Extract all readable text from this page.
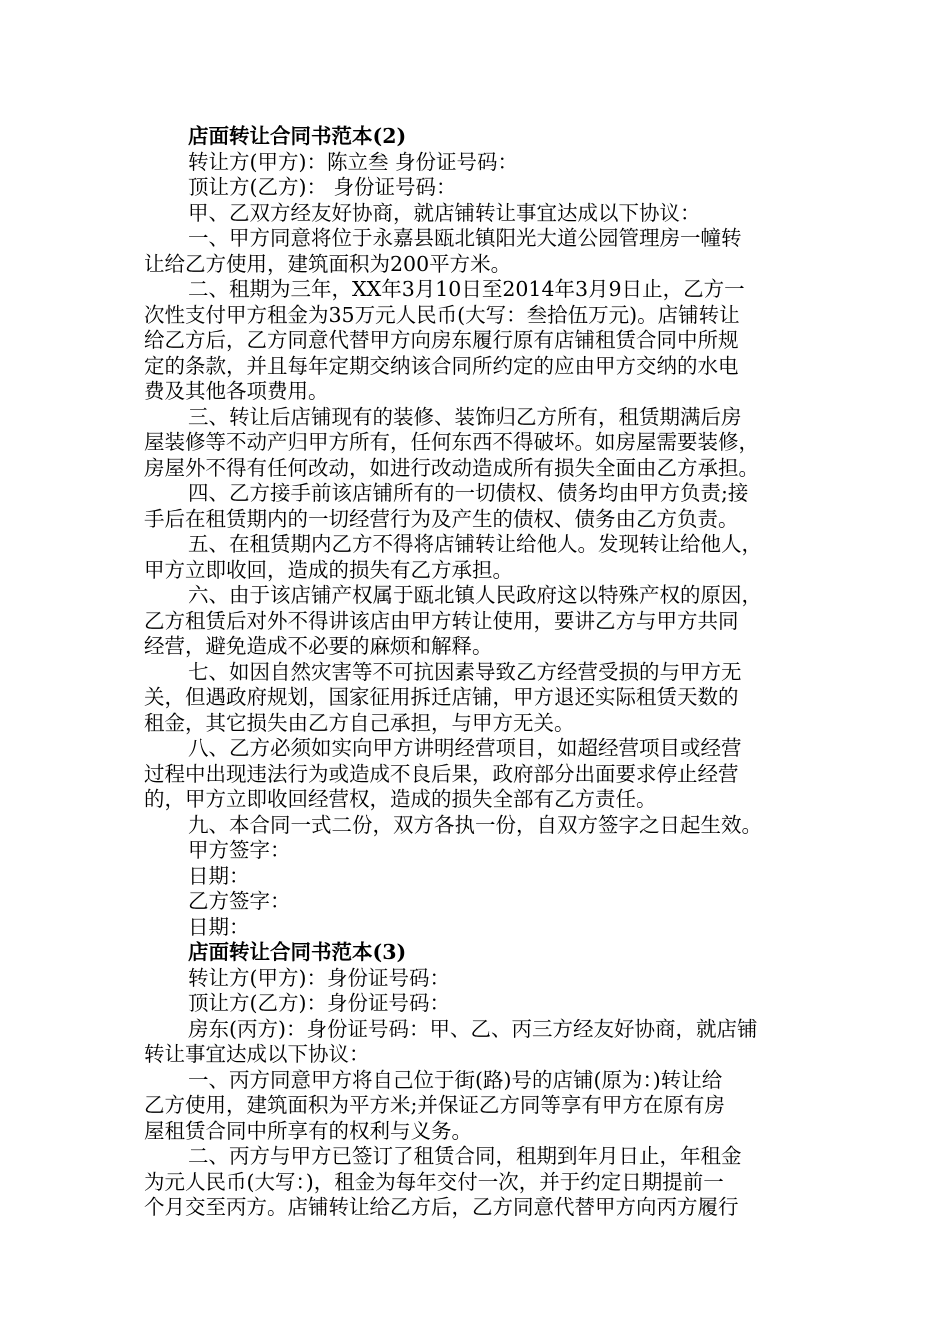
店面转让合同书范本(2)

转让方(甲方)：陈立叁 身份证号码：

顶让方(乙方)： 身份证号码：

甲、乙双方经友好协商，就店铺转让事宜达成以下协议：

一、甲方同意将位于永嘉县瓯北镇阳光大道公园管理房一幢转

让给乙方使用，建筑面积为200平方米。

二、租期为三年，XX年3月10日至2014年3月9日止，乙方一

次性支付甲方租金为35万元人民币(大写：叁拾伍万元)。店铺转让

给乙方后，乙方同意代替甲方向房东履行原有店铺租赁合同中所规

定的条款，并且每年定期交纳该合同所约定的应由甲方交纳的水电

费及其他各项费用。

三、转让后店铺现有的装修、装饰归乙方所有，租赁期满后房

屋装修等不动产归甲方所有，任何东西不得破坏。如房屋需要装修，

房屋外不得有任何改动，如进行改动造成所有损失全面由乙方承担。

四、乙方接手前该店铺所有的一切债权、债务均由甲方负责;接

手后在租赁期内的一切经营行为及产生的债权、债务由乙方负责。

五、在租赁期内乙方不得将店铺转让给他人。发现转让给他人，

甲方立即收回，造成的损失有乙方承担。

六、由于该店铺产权属于瓯北镇人民政府这以特殊产权的原因，

乙方租赁后对外不得讲该店由甲方转让使用，要讲乙方与甲方共同

经营，避免造成不必要的麻烦和解释。

七、如因自然灾害等不可抗因素导致乙方经营受损的与甲方无

关，但遇政府规划，国家征用拆迁店铺，甲方退还实际租赁天数的

租金，其它损失由乙方自己承担，与甲方无关。

八、乙方必须如实向甲方讲明经营项目，如超经营项目或经营

过程中出现违法行为或造成不良后果，政府部分出面要求停止经营

的，甲方立即收回经营权，造成的损失全部有乙方责任。

九、本合同一式二份，双方各执一份，自双方签字之日起生效。

甲方签字：

日期：

乙方签字：

日期：

店面转让合同书范本(3)

转让方(甲方)：身份证号码：

顶让方(乙方)：身份证号码：

房东(丙方)：身份证号码：甲、乙、丙三方经友好协商，就店铺

转让事宜达成以下协议：

一、丙方同意甲方将自己位于街(路)号的店铺(原为：)转让给

乙方使用，建筑面积为平方米;并保证乙方同等享有甲方在原有房

屋租赁合同中所享有的权利与义务。

二、丙方与甲方已签订了租赁合同，租期到年月日止，年租金

为元人民币(大写：)，租金为每年交付一次，并于约定日期提前一

个月交至丙方。店铺转让给乙方后，乙方同意代替甲方向丙方履行
